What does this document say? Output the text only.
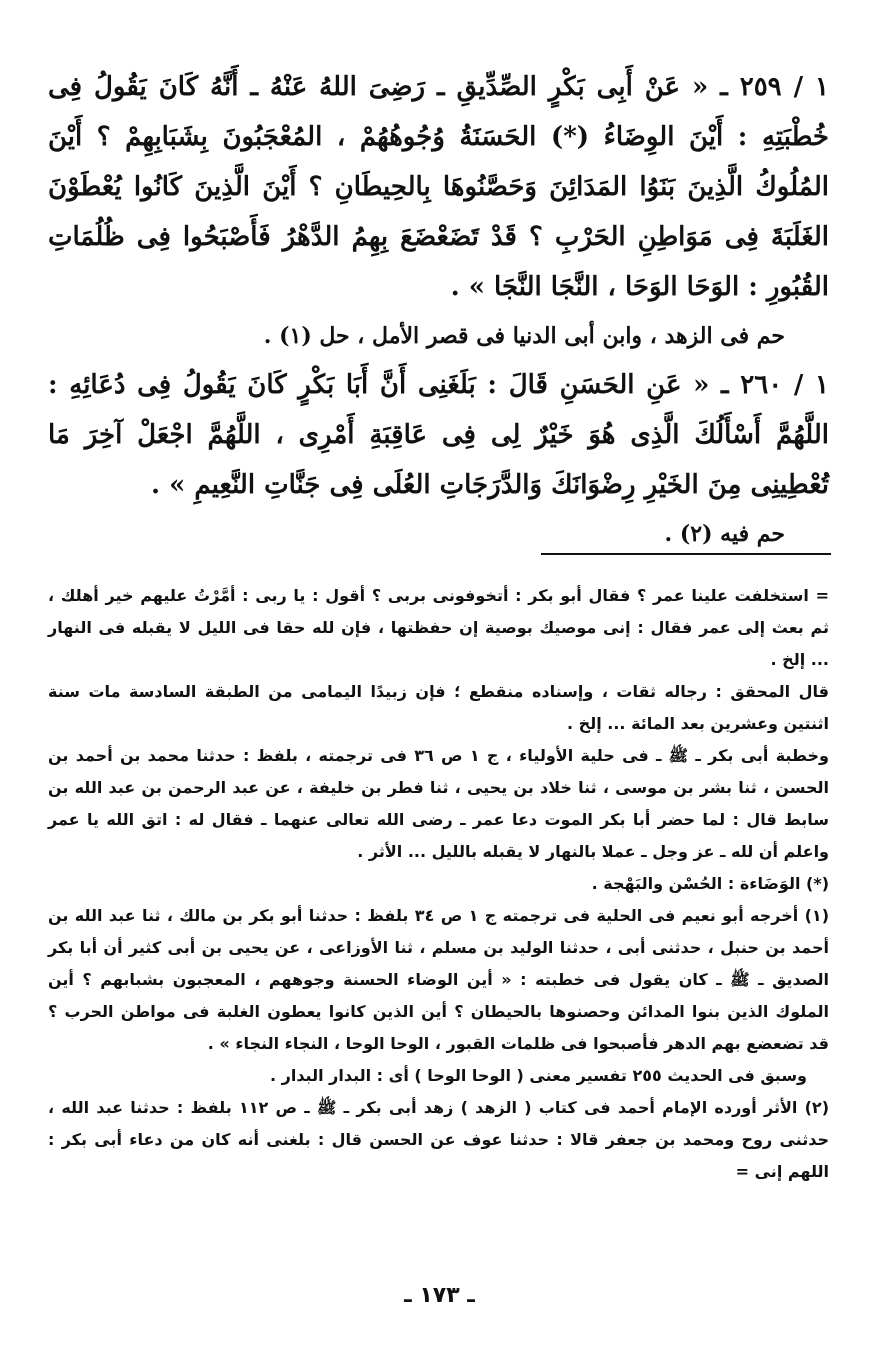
١ / ٢٥٩ ـ « عَنْ أَبِى بَكْرٍ الصِّدِّيقِ ـ رَضِىَ اللهُ عَنْهُ ـ أَنَّهُ كَانَ يَقُولُ فِى خُطْبَتِهِ : أَيْنَ الوِضَاءُ (*) الحَسَنَةُ وُجُوهُهُمْ ، المُعْجَبُونَ بِشَبَابِهِمْ ؟ أَيْنَ المُلُوكُ الَّذِينَ بَنَوُا المَدَائِنَ وَحَصَّنُوهَا بِالحِيطَانِ ؟ أَيْنَ الَّذِينَ كَانُوا يُعْطَوْنَ الغَلَبَةَ فِى مَوَاطِنِ الحَرْبِ ؟ قَدْ تَضَعْضَعَ بِهِمُ الدَّهْرُ فَأَصْبَحُوا فِى ظُلُمَاتِ القُبُورِ : الوَحَا الوَحَا ، النَّجَا النَّجَا » .

حم فى الزهد ، وابن أبى الدنيا فى قصر الأمل ، حل (١) .

١ / ٢٦٠ ـ « عَنِ الحَسَنِ قَالَ : بَلَغَنِى أَنَّ أَبَا بَكْرٍ كَانَ يَقُولُ فِى دُعَائِهِ : اللَّهُمَّ أَسْأَلُكَ الَّذِى هُوَ خَيْرٌ لِى فِى عَاقِبَةِ أَمْرِى ، اللَّهُمَّ اجْعَلْ آخِرَ مَا تُعْطِينِى مِنَ الخَيْرِ رِضْوَانَكَ وَالدَّرَجَاتِ العُلَى فِى جَنَّاتِ النَّعِيمِ » .

حم فيه (٢) .

= استخلفت علينا عمر ؟ فقال أبو بكر : أتخوفونى بربى ؟ أقول : يا ربى : أمَّرْتُ عليهم خير أهلك ، ثم بعث إلى عمر فقال : إنى موصيك بوصية إن حفظتها ، فإن لله حقا فى الليل لا يقبله فى النهار ... إلخ .

قال المحقق : رجاله ثقات ، وإسناده منقطع ؛ فإن زبيدًا اليمامى من الطبقة السادسة مات سنة اثنتين وعشرين بعد المائة ... إلخ .

وخطبة أبى بكر ـ ﷺ ـ فى حلية الأولياء ، ج ١ ص ٣٦ فى ترجمته ، بلفظ : حدثنا محمد بن أحمد بن الحسن ، ثنا بشر بن موسى ، ثنا خلاد بن يحيى ، ثنا فطر بن خليفة ، عن عبد الرحمن بن عبد الله بن سابط قال : لما حضر أبا بكر الموت دعا عمر ـ رضى الله تعالى عنهما ـ فقال له : اتق الله يا عمر واعلم أن لله ـ عز وجل ـ عملا بالنهار لا يقبله بالليل ... الأثر .

(*) الوَضَاءة : الحُسْن والبَهْجة .

(١) أخرجه أبو نعيم فى الحلية فى ترجمته ج ١ ص ٣٤ بلفظ : حدثنا أبو بكر بن مالك ، ثنا عبد الله بن أحمد بن حنبل ، حدثنى أبى ، حدثنا الوليد بن مسلم ، ثنا الأوزاعى ، عن يحيى بن أبى كثير أن أبا بكر الصديق ـ ﷺ ـ كان يقول فى خطبته : « أين الوضاء الحسنة وجوههم ، المعجبون بشبابهم ؟ أين الملوك الذين بنوا المدائن وحصنوها بالحيطان ؟ أين الذين كانوا يعطون الغلبة فى مواطن الحرب ؟ قد تضعضع بهم الدهر فأصبحوا فى ظلمات القبور ، الوحا الوحا ، النجاء النجاء » .

وسبق فى الحديث ٢٥٥ تفسير معنى ( الوحا الوحا ) أى : البدار البدار .

(٢) الأثر أورده الإمام أحمد فى كتاب ( الزهد ) زهد أبى بكر ـ ﷺ ـ ص ١١٢ بلفظ : حدثنا عبد الله ، حدثنى روح ومحمد بن جعفر قالا : حدثنا عوف عن الحسن قال : بلغنى أنه كان من دعاء أبى بكر : اللهم إنى =

ـ ١٧٣ ـ
